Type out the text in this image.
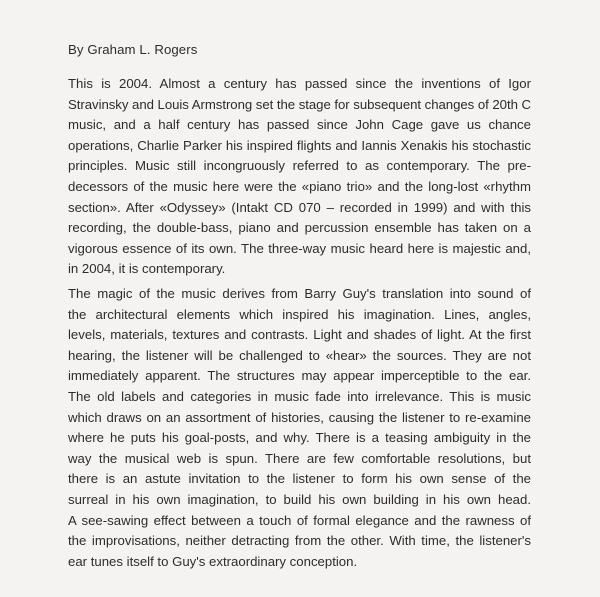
By Graham L. Rogers
This is 2004. Almost a century has passed since the inventions of Igor
Stravinsky and Louis Armstrong set the stage for subsequent changes of 20th C
music, and a half century has passed since John Cage gave us chance
operations, Charlie Parker his inspired flights and Iannis Xenakis his stochastic
principles. Music still incongruously referred to as contemporary. The pre-
decessors of the music here were the «piano trio» and the long-lost «rhythm
section». After «Odyssey» (Intakt CD 070 – recorded in 1999) and with this
recording, the double-bass, piano and percussion ensemble has taken on a
vigorous essence of its own. The three-way music heard here is majestic and,
in 2004, it is contemporary.
The magic of the music derives from Barry Guy's translation into sound of
the architectural elements which inspired his imagination. Lines, angles,
levels, materials, textures and contrasts. Light and shades of light. At the first
hearing, the listener will be challenged to «hear» the sources. They are not
immediately apparent. The structures may appear imperceptible to the ear.
The old labels and categories in music fade into irrelevance. This is music
which draws on an assortment of histories, causing the listener to re-examine
where he puts his goal-posts, and why. There is a teasing ambiguity in the
way the musical web is spun. There are few comfortable resolutions, but
there is an astute invitation to the listener to form his own sense of the
surreal in his own imagination, to build his own building in his own head.
A see-sawing effect between a touch of formal elegance and the rawness of
the improvisations, neither detracting from the other. With time, the listener's
ear tunes itself to Guy's extraordinary conception.
